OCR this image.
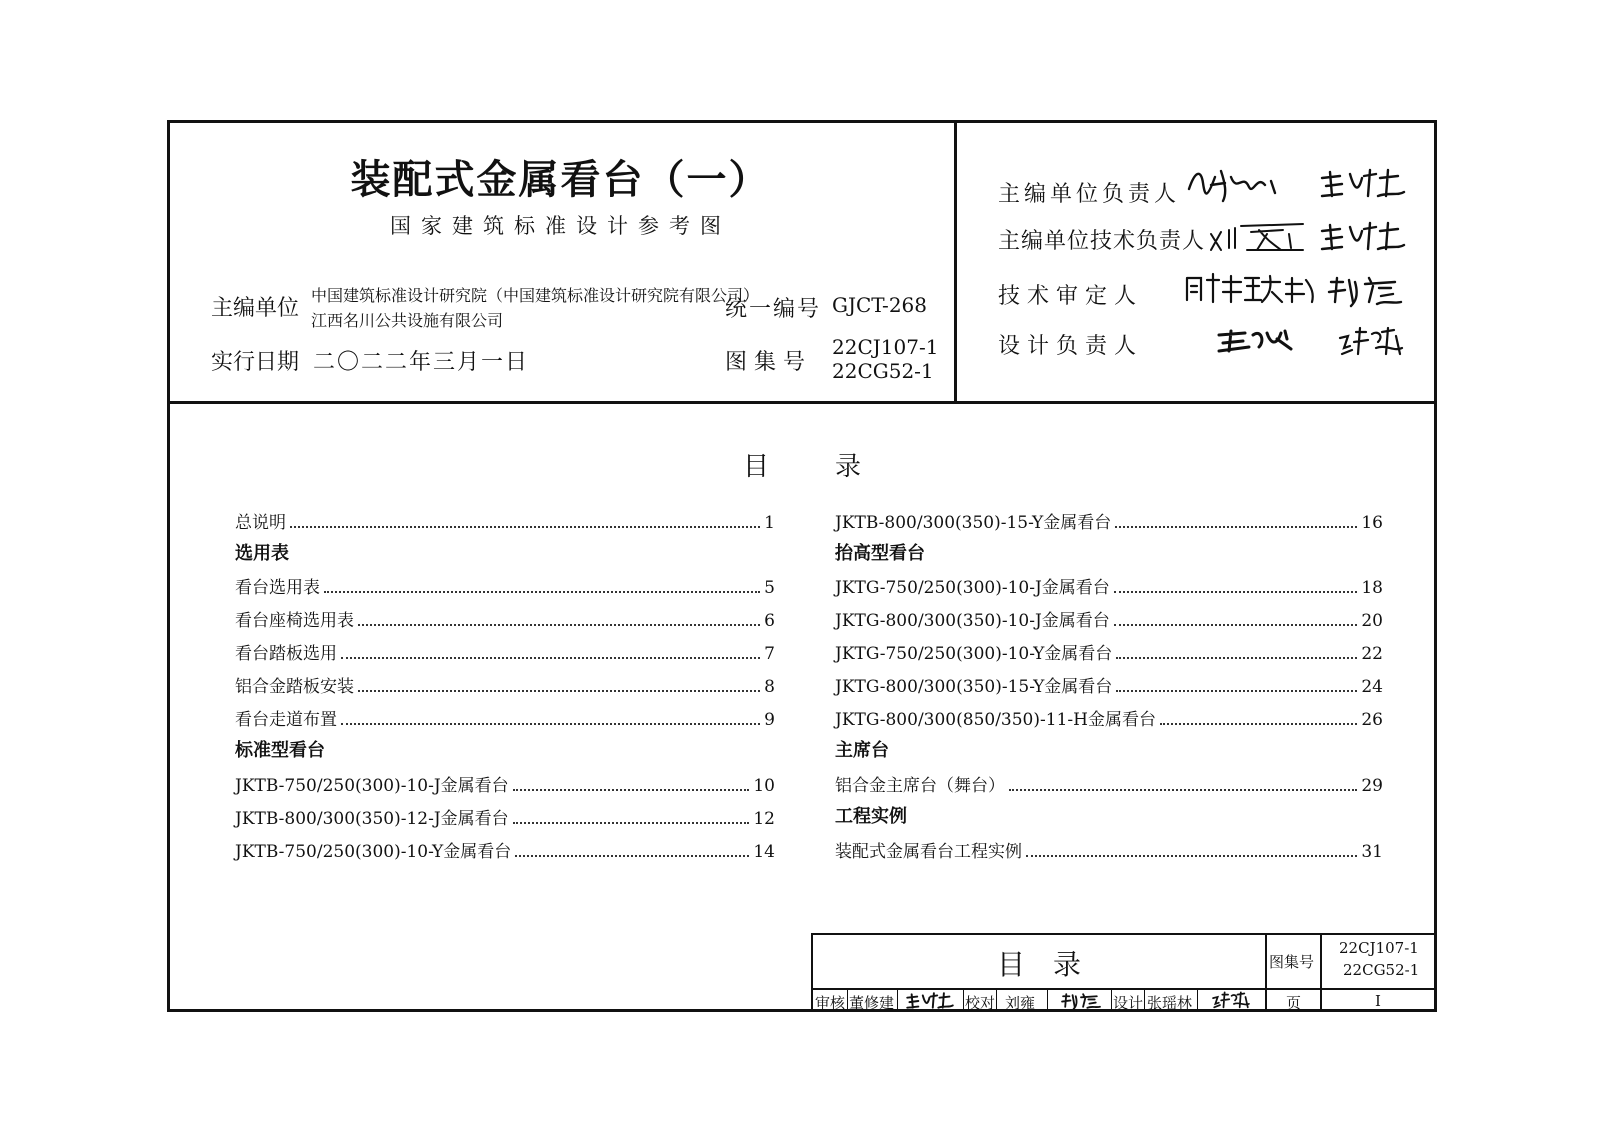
装配式金属看台（一）
国家建筑标准设计参考图
主编单位
中国建筑标准设计研究院（中国建筑标准设计研究院有限公司）
江西名川公共设施有限公司
实行日期 二〇二二年三月一日
统一编号 GJCT-268
图 集 号
22CJ107-1
22CG52-1
主编单位负责人
主编单位技术负责人
技 术 审 定 人
设 计 负 责 人
目	录
总说明	1
选用表
看台选用表	5
看台座椅选用表	6
看台踏板选用	7
铝合金踏板安装	8
看台走道布置	9
标准型看台
JKTB-750/250(300)-10-J金属看台	10
JKTB-800/300(350)-12-J金属看台	12
JKTB-750/250(300)-10-Y金属看台	14
JKTB-800/300(350)-15-Y金属看台	16
抬高型看台
JKTG-750/250(300)-10-J金属看台	18
JKTG-800/300(350)-10-J金属看台	20
JKTG-750/250(300)-10-Y金属看台	22
JKTG-800/300(350)-15-Y金属看台	24
JKTG-800/300(850/350)-11-H金属看台	26
主席台
铝合金主席台（舞台）	29
工程实例
装配式金属看台工程实例	31
目　录	图集号
22CJ107-1
22CG52-1
审核 董修建	校对 刘雍	设计 张瑶林	页	I
